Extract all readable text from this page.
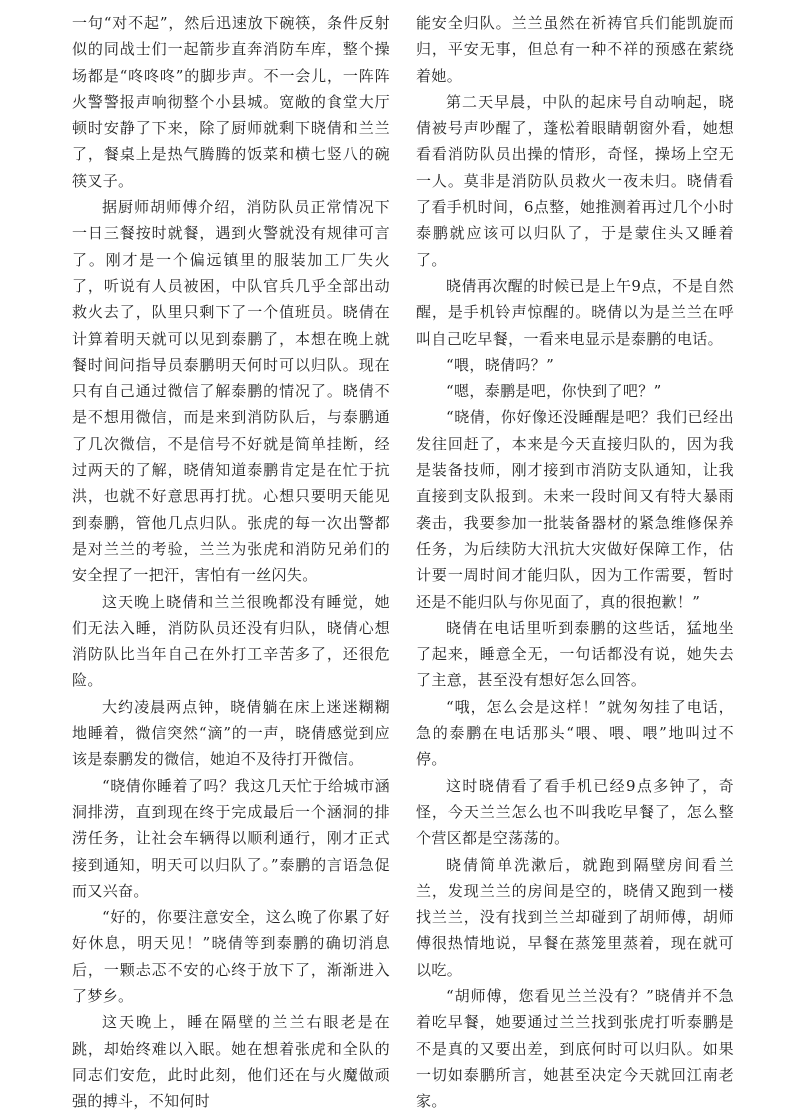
一句“对不起”，然后迅速放下碗筷，条件反射似的同战士们一起箭步直奔消防车库，整个操场都是“咚咚咚”的脚步声。不一会儿，一阵阵火警警报声响彻整个小县城。宽敞的食堂大厅顿时安静了下来，除了厨师就剩下晓倩和兰兰了，餐桌上是热气腾腾的饭菜和横七竖八的碗筷叉子。

据厨师胡师傅介绍，消防队员正常情况下一日三餐按时就餐，遇到火警就没有规律可言了。刚才是一个偏远镇里的服装加工厂失火了，听说有人员被困，中队官兵几乎全部出动救火去了，队里只剩下了一个值班员。晓倩在计算着明天就可以见到泰鹏了，本想在晚上就餐时间问指导员泰鹏明天何时可以归队。现在只有自己通过微信了解泰鹏的情况了。晓倩不是不想用微信，而是来到消防队后，与泰鹏通了几次微信，不是信号不好就是简单挂断，经过两天的了解，晓倩知道泰鹏肯定是在忙于抗洪，也就不好意思再打扰。心想只要明天能见到泰鹏，管他几点归队。张虎的每一次出警都是对兰兰的考验，兰兰为张虎和消防兄弟们的安全捏了一把汗，害怕有一丝闪失。

这天晚上晓倩和兰兰很晚都没有睡觉，她们无法入睡，消防队员还没有归队，晓倩心想消防队比当年自己在外打工辛苦多了，还很危险。

大约凌晨两点钟，晓倩躺在床上迷迷糊糊地睡着，微信突然“滴”的一声，晓倩感觉到应该是泰鹏发的微信，她迫不及待打开微信。

“晓倩你睡着了吗？我这几天忙于给城市涵洞排涝，直到现在终于完成最后一个涵洞的排涝任务，让社会车辆得以顺利通行，刚才正式接到通知，明天可以归队了。”泰鹏的言语急促而又兴奋。

“好的，你要注意安全，这么晚了你累了好好休息，明天见！”晓倩等到泰鹏的确切消息后，一颗忐忑不安的心终于放下了，渐渐进入了梦乡。

这天晚上，睡在隔壁的兰兰右眼老是在跳，却始终难以入眠。她在想着张虎和全队的同志们安危，此时此刻，他们还在与火魔做顽强的搏斗，不知何时

能安全归队。兰兰虽然在祈祷官兵们能凯旋而归，平安无事，但总有一种不祥的预感在萦绕着她。

第二天早晨，中队的起床号自动响起，晓倩被号声吵醒了，蓬松着眼睛朝窗外看，她想看看消防队员出操的情形，奇怪，操场上空无一人。莫非是消防队员救火一夜未归。晓倩看了看手机时间，6点整，她推测着再过几个小时泰鹏就应该可以归队了，于是蒙住头又睡着了。

晓倩再次醒的时候已是上午9点，不是自然醒，是手机铃声惊醒的。晓倩以为是兰兰在呼叫自己吃早餐，一看来电显示是泰鹏的电话。

“喂，晓倩吗？”

“嗯，泰鹏是吧，你快到了吧？”

“晓倩，你好像还没睡醒是吧？我们已经出发往回赶了，本来是今天直接归队的，因为我是装备技师，刚才接到市消防支队通知，让我直接到支队报到。未来一段时间又有特大暴雨袭击，我要参加一批装备器材的紧急维修保养任务，为后续防大汛抗大灾做好保障工作，估计要一周时间才能归队，因为工作需要，暂时还是不能归队与你见面了，真的很抱歉！”

晓倩在电话里听到泰鹏的这些话，猛地坐了起来，睡意全无，一句话都没有说，她失去了主意，甚至没有想好怎么回答。

“哦，怎么会是这样！”就匆匆挂了电话，急的泰鹏在电话那头“喂、喂、喂”地叫过不停。

这时晓倩看了看手机已经9点多钟了，奇怪，今天兰兰怎么也不叫我吃早餐了，怎么整个营区都是空荡荡的。

晓倩简单洗漱后，就跑到隔壁房间看兰兰，发现兰兰的房间是空的，晓倩又跑到一楼找兰兰，没有找到兰兰却碰到了胡师傅，胡师傅很热情地说，早餐在蒸笼里蒸着，现在就可以吃。

“胡师傅，您看见兰兰没有？”晓倩并不急着吃早餐，她要通过兰兰找到张虎打听泰鹏是不是真的又要出差，到底何时可以归队。如果一切如泰鹏所言，她甚至决定今天就回江南老家。
